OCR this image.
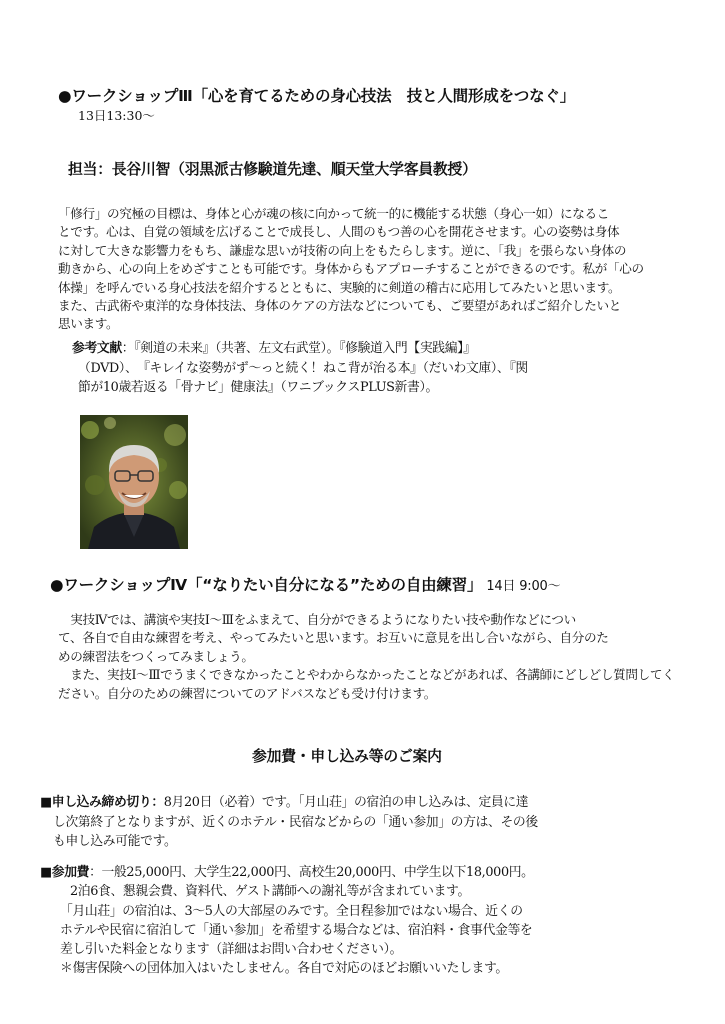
●ワークショップⅢ「心を育てるための身心技法　技と人間形成をつなぐ」
13日13:30〜
担当：長谷川智（羽黒派古修験道先達、順天堂大学客員教授）
「修行」の究極の目標は、身体と心が魂の核に向かって統一的に機能する状態（身心一如）になるこ
とです。心は、自覚の領域を広げることで成長し、人間のもつ善の心を開花させます。心の姿勢は身体
に対して大きな影響力をもち、謙虚な思いが技術の向上をもたらします。逆に、「我」を張らない身体の
動きから、心の向上をめざすことも可能です。身体からもアプローチすることができるのです。私が「心の
体操」を呼んでいる身心技法を紹介するとともに、実験的に剣道の稽古に応用してみたいと思います。
また、古武術や東洋的な身体技法、身体のケアの方法などについても、ご要望があればご紹介したいと
思います。
参考文献：『剣道の未来』（共著、左文右武堂）。『修験道入門【実践編】』
（DVD）、　『キレイな姿勢がず〜っと続く！ねこ背が治る本』（だいわ文庫）、『関
節が10歳若返る「骨ナビ」健康法』（ワニブックスPLUS新書）。
●ワークショップⅣ「“なりたい自分になる”ための自由練習」 14日 9:00〜
　実技Ⅳでは、講演や実技Ⅰ〜Ⅲをふまえて、自分ができるようになりたい技や動作などについ
て、各自で自由な練習を考え、やってみたいと思います。お互いに意見を出し合いながら、自分のた
めの練習法をつくってみましょう。
　また、実技Ⅰ〜Ⅲでうまくできなかったことやわからなかったことなどがあれば、各講師にどしどし質問してく
ださい。自分のための練習についてのアドバスなども受け付けます。
参加費・申し込み等のご案内
■申し込み締め切り：8月20日（必着）です。「月山荘」の宿泊の申し込みは、定員に達
し次第終了となりますが、近くのホテル・民宿などからの「通い参加」の方は、その後
も申し込み可能です。
■参加費：一般25,000円、大学生22,000円、高校生20,000円、中学生以下18,000円。
2泊6食、懇親会費、資料代、ゲスト講師への謝礼等が含まれています。
「月山荘」の宿泊は、3〜5人の大部屋のみです。全日程参加ではない場合、近くの
ホテルや民宿に宿泊して「通い参加」を希望する場合などは、宿泊料・食事代金等を
差し引いた料金となります（詳細はお問い合わせください）。
＊傷害保険への団体加入はいたしません。各自で対応のほどお願いいたします。
